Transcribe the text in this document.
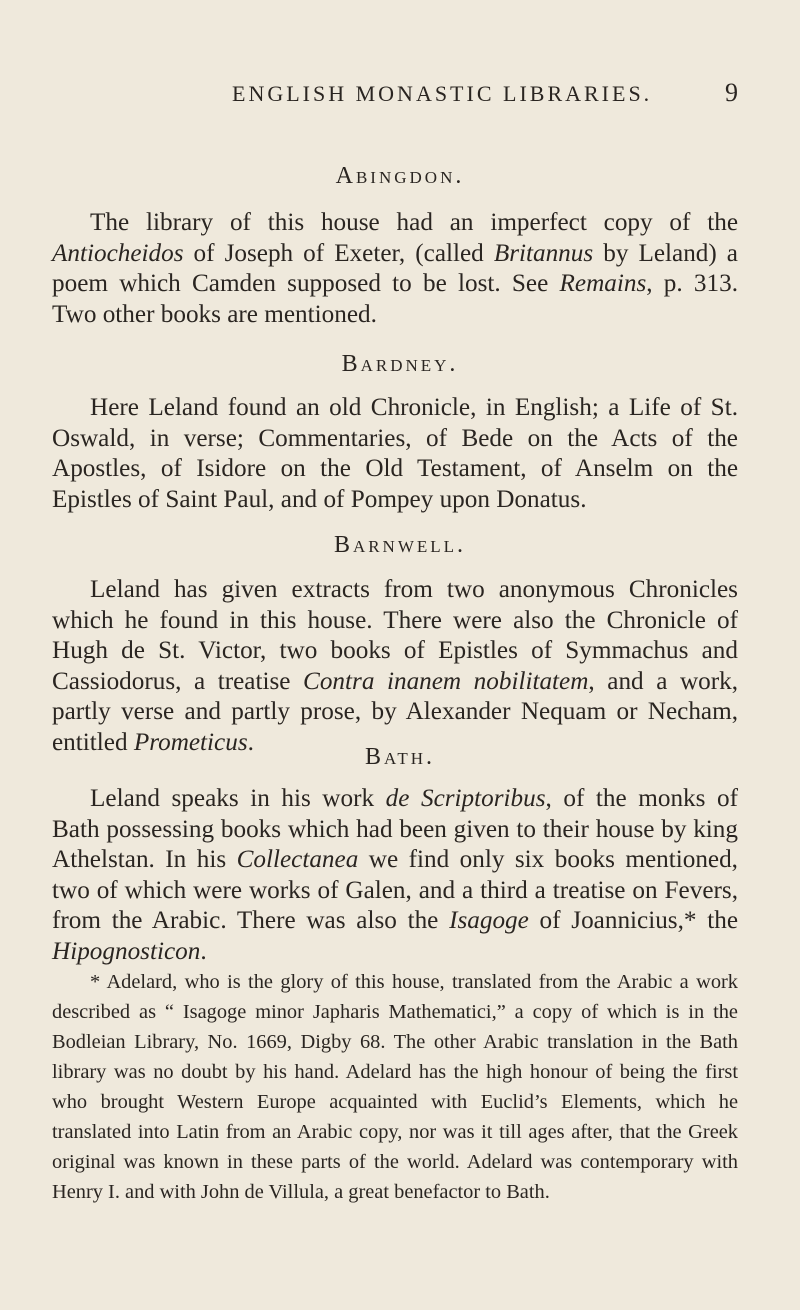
ENGLISH MONASTIC LIBRARIES.	9
Abingdon.

The library of this house had an imperfect copy of the Antiocheidos of Joseph of Exeter, (called Britannus by Leland) a poem which Camden supposed to be lost. See Remains, p. 313. Two other books are mentioned.

Bardney.

Here Leland found an old Chronicle, in English; a Life of St. Oswald, in verse; Commentaries, of Bede on the Acts of the Apostles, of Isidore on the Old Testament, of Anselm on the Epistles of Saint Paul, and of Pompey upon Donatus.

Barnwell.

Leland has given extracts from two anonymous Chronicles which he found in this house. There were also the Chronicle of Hugh de St. Victor, two books of Epistles of Symmachus and Cassiodorus, a treatise Contra inanem nobilitatem, and a work, partly verse and partly prose, by Alexander Nequam or Necham, entitled Prometicus.

Bath.

Leland speaks in his work de Scriptoribus, of the monks of Bath possessing books which had been given to their house by king Athelstan. In his Collectanea we find only six books mentioned, two of which were works of Galen, and a third a treatise on Fevers, from the Arabic. There was also the Isagoge of Joannicius,* the Hipognosticon.

* Adelard, who is the glory of this house, translated from the Arabic a work described as “ Isagoge minor Japharis Mathematici,” a copy of which is in the Bodleian Library, No. 1669, Digby 68. The other Arabic translation in the Bath library was no doubt by his hand. Adelard has the high honour of being the first who brought Western Europe acquainted with Euclid’s Elements, which he translated into Latin from an Arabic copy, nor was it till ages after, that the Greek original was known in these parts of the world. Adelard was contemporary with Henry I. and with John de Villula, a great benefactor to Bath.
